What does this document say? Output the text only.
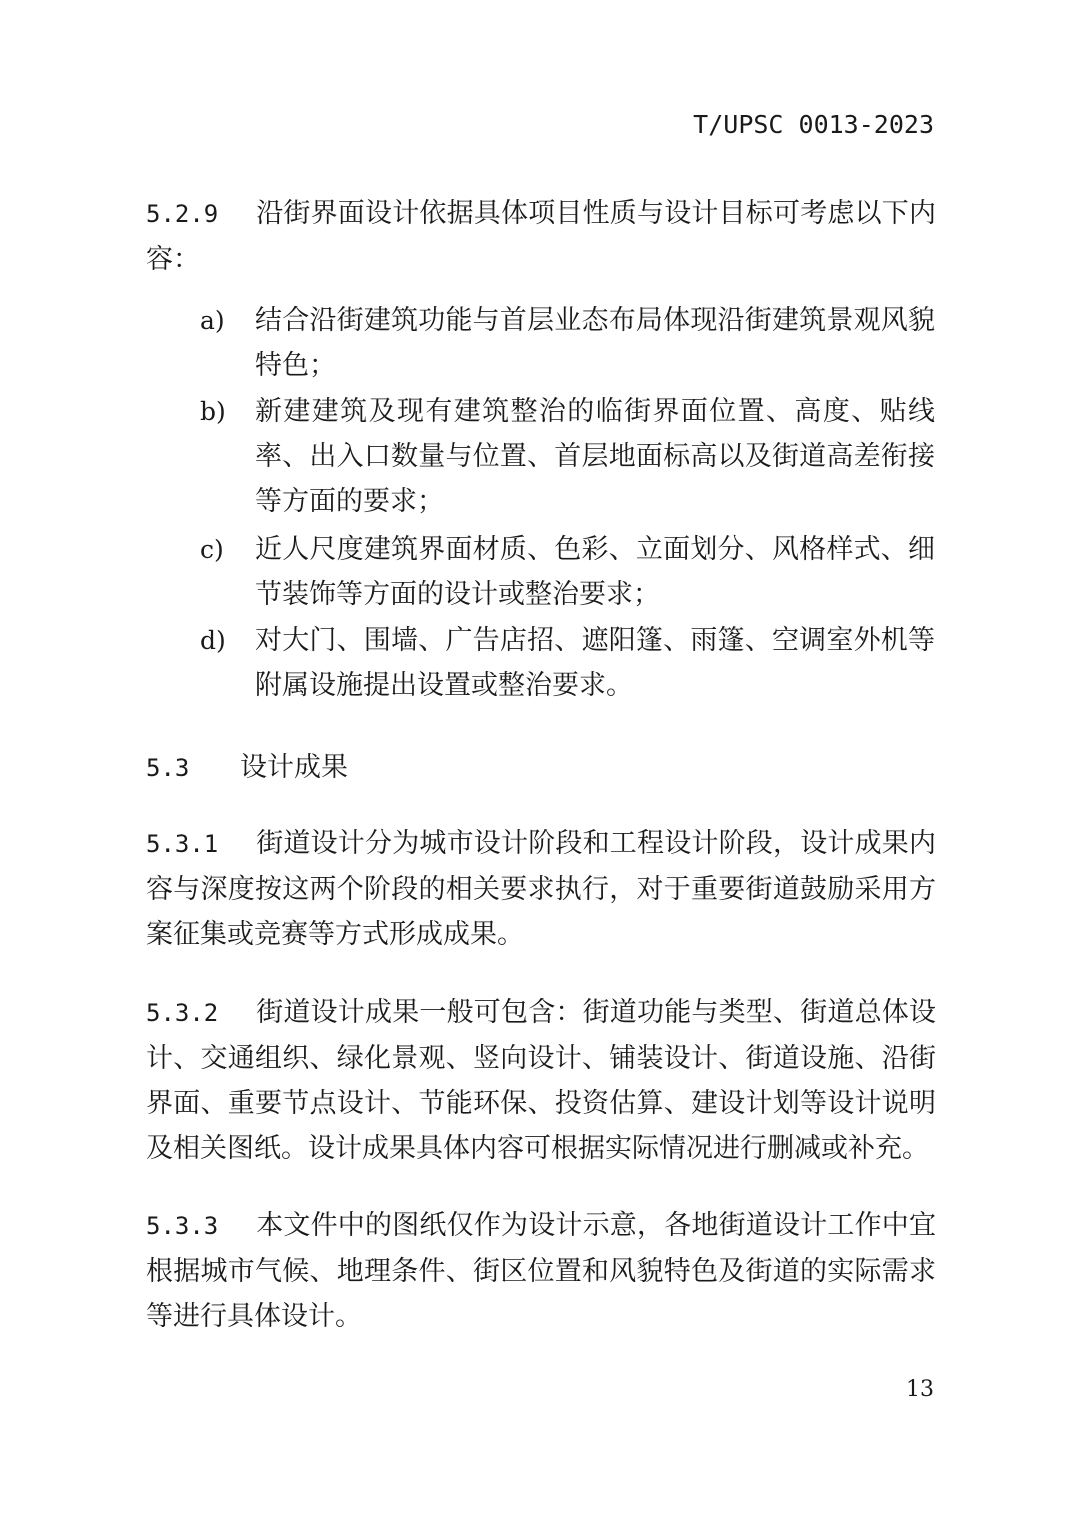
T/UPSC 0013-2023
5.2.9 沿街界面设计依据具体项目性质与设计目标可考虑以下内容：
a) 结合沿街建筑功能与首层业态布局体现沿街建筑景观风貌特色；
b) 新建建筑及现有建筑整治的临街界面位置、高度、贴线率、出入口数量与位置、首层地面标高以及街道高差衔接等方面的要求；
c) 近人尺度建筑界面材质、色彩、立面划分、风格样式、细节装饰等方面的设计或整治要求；
d) 对大门、围墙、广告店招、遮阳篷、雨篷、空调室外机等附属设施提出设置或整治要求。
5.3 设计成果
5.3.1 街道设计分为城市设计阶段和工程设计阶段，设计成果内容与深度按这两个阶段的相关要求执行，对于重要街道鼓励采用方案征集或竞赛等方式形成成果。
5.3.2 街道设计成果一般可包含：街道功能与类型、街道总体设计、交通组织、绿化景观、竖向设计、铺装设计、街道设施、沿街界面、重要节点设计、节能环保、投资估算、建设计划等设计说明及相关图纸。设计成果具体内容可根据实际情况进行删减或补充。
5.3.3 本文件中的图纸仅作为设计示意，各地街道设计工作中宜根据城市气候、地理条件、街区位置和风貌特色及街道的实际需求等进行具体设计。
13
